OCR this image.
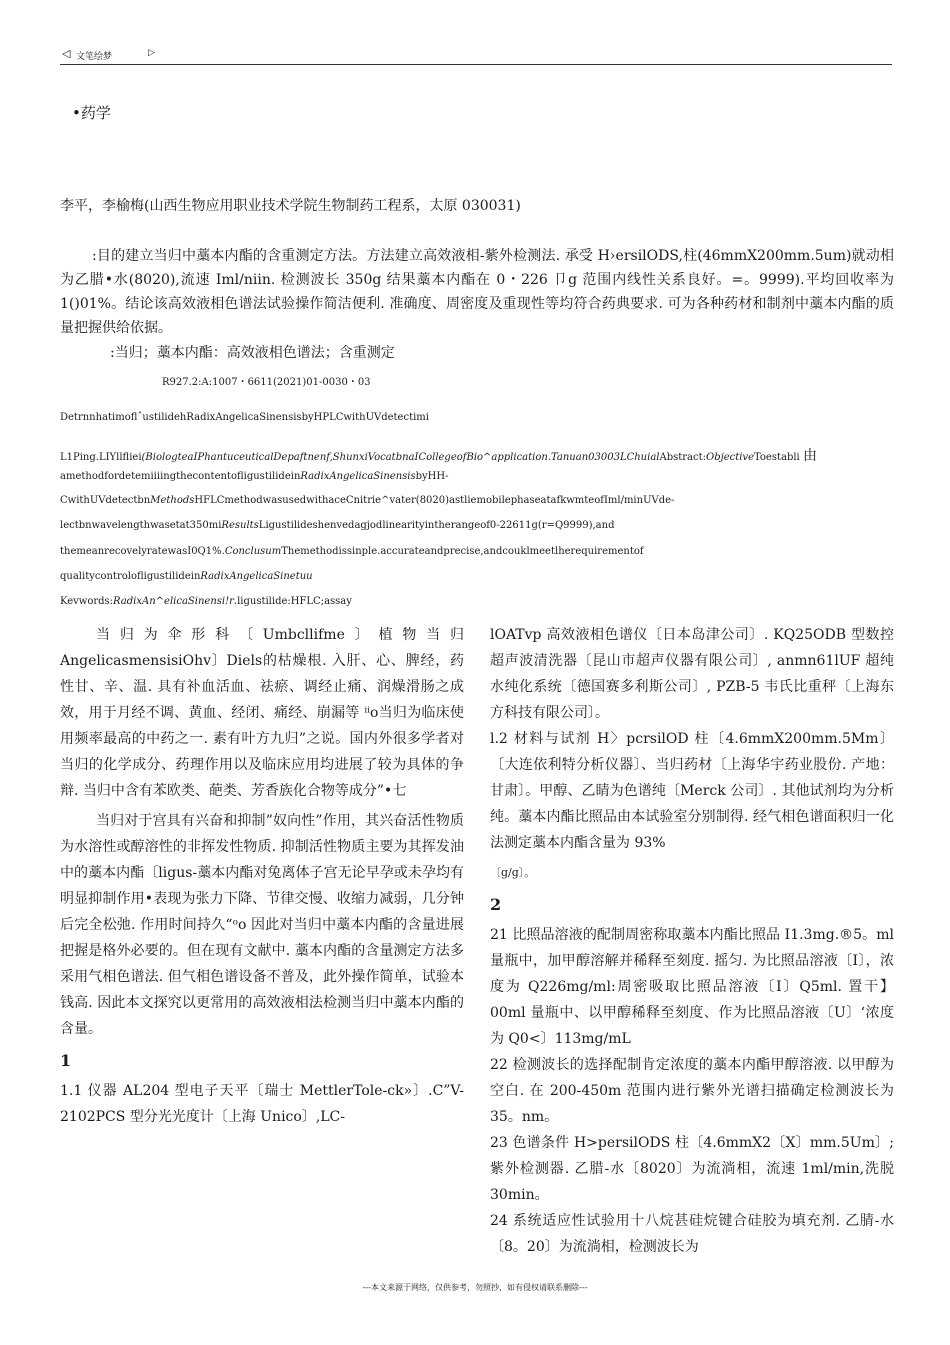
◁ 文笔绘梦	▷
•药学
李平，李榆梅(山西生物应用职业技术学院生物制药工程系，太原 030031)
:目的建立当归中藁本内酯的含重测定方法。方法建立高效液相-紫外检测法. 承受 H›ersilODS,柱(46mmX200mm.5um)就动相为乙腊•水(8020),流速 Iml/niin. 检测波长 350g 结果藁本内酯在 0・226 卩g 范围内线性关系良好。=。9999).平均回收率为 1()01%。结论该高效液相色谱法试验操作简洁便利. 准确度、周密度及重现性等均符合药典要求. 可为各种药材和制剂中藁本内酯的质量把握供给依据。
:当归；藁本内酯：高效液相色谱法；含重测定
R927.2:A:1007・6611(2021)01-0030・03
DetrnnhatimoflˆustilidehRadixAngelicaSinensisbyHPLCwithUVdetectimi
L1Ping.LIYllfliei(BiologteaIPhantuceuticalDepaftnenf,ShunxiVocatbnaICollegeofBio^application.Tanuan03003LChuialAbstract:ObjectiveToestabli 由
amethodfordetemiiiingthecontentofligustilideinRadixAngelicaSinensisbyHH-
CwithUVdetectbnMethodsHFLCmethodwasusedwithaceCnitrie^vater(8020)astliemobilephaseatafkwmteofIml/minUVde-
lectbnwavelengthwasetat350miResultsLigustilideshenvedagjodlinearityintherangeof0-22611g(r=Q9999),and
themeanrecovelyratewasI0Q1%.ConclusumThemethodissinple.accurateandprecise,andcouklmeetlherequirementof
qualitycontrolofligustilideinRadixAngelicaSinetuu
Kevwords:RadixAn^elicaSinensi!r.ligustilide:HFLC;assay

当归为伞形科〔Umbcllifme〕植物当归AngelicasmensisiOhv〕Diels的枯燥根. 入肝、心、脾经，药性甘、辛、温. 具有补血活血、祛瘀、调经止痛、润燥滑肠之成效，用于月经不调、黄血、经闭、痛经、崩漏等 ⁱⁱo当归为临床使用频率最高的中药之一. 素有叶方九归”之说。国内外很多学者对当归的化学成分、药理作用以及临床应用均进展了较为具体的争辩. 当归中含有苯欧类、葩类、芳香族化合物等成分”•七

当归对于宫具有兴奋和抑制”奴向性”作用，其兴奋活性物质为水溶性或醇溶性的非挥发性物质. 抑制活性物质主要为其挥发油中的藁本内酯〔ligus-藁本内酯对兔离体子宫无论早孕或未孕均有明显抑制作用•表现为张力下降、节律交慢、收缩力减弱，几分钟后完全松弛. 作用时间持久“ᵒo 因此对当归中藁本内酯的含量进展把握是格外必要的。但在现有文献中. 藁本内酯的含量测定方法多采用气相色谱法. 但气相色谱设备不普及，此外操作简单，试验本钱高. 因此本文探究以更常用的高效液相法检测当归中藁本内酯的含量。

1

1.1 仪器 AL204 型电子天平〔瑞士 MettlerTole-ck»〕.C”V-2102PCS 型分光光度计〔上海 Unico〕,LC-

lOATvp 高效液相色谱仪〔日本岛津公司〕. KQ25ODB 型数控超声波清洗器〔昆山市超声仪器有限公司〕, anmn61lUF 超纯水纯化系统〔德国赛多利斯公司〕, PZB-5 韦氏比重秤〔上海东方科技有限公司〕。

l.2 材料与试剂 H〉pcrsilOD 柱〔4.6mmX200mm.5Mm〕〔大连依利特分析仪器〕、当归药材〔上海华宇药业股份. 产地：甘肃〕。甲醇、乙睛为色谱纯〔Merck 公司〕. 其他试剂均为分析纯。藁本内酯比照品由本试验室分别制得. 经气相色谱面积归一化法测定藁本内酯含量为 93%

〔g/g〕。

2

21 比照品溶液的配制周密称取藁本内酯比照品 I1.3mg.®5。ml 量瓶中，加甲醇溶解并稀释至刻度. 摇匀. 为比照品溶液〔I〕，浓度为 Q226mg/ml:周密吸取比照品溶液〔I〕Q5ml. 置干】00ml 量瓶中、以甲醇稀释至刻度、作为比照品溶液〔U〕‘浓度为 Q0<〕113mg/mL

22 检测波长的选择配制肯定浓度的藁本内酯甲醇溶液. 以甲醇为空白. 在 200-450m 范围内进行紫外光谱扫描确定检测波长为 35。nm。

23 色谱条件 H>persilODS 柱〔4.6mmX2〔X〕mm.5Um〕;紫外检测器. 乙腊-水〔8020〕为流淌相，流速 1ml/min,洗脱 30min。

24 系统适应性试验用十八烷甚硅烷键合硅胶为填充剂. 乙腈-水〔8。20〕为流淌相，检测波长为

---本文来源于网络，仅供参考，勿照抄，如有侵权请联系删除---
